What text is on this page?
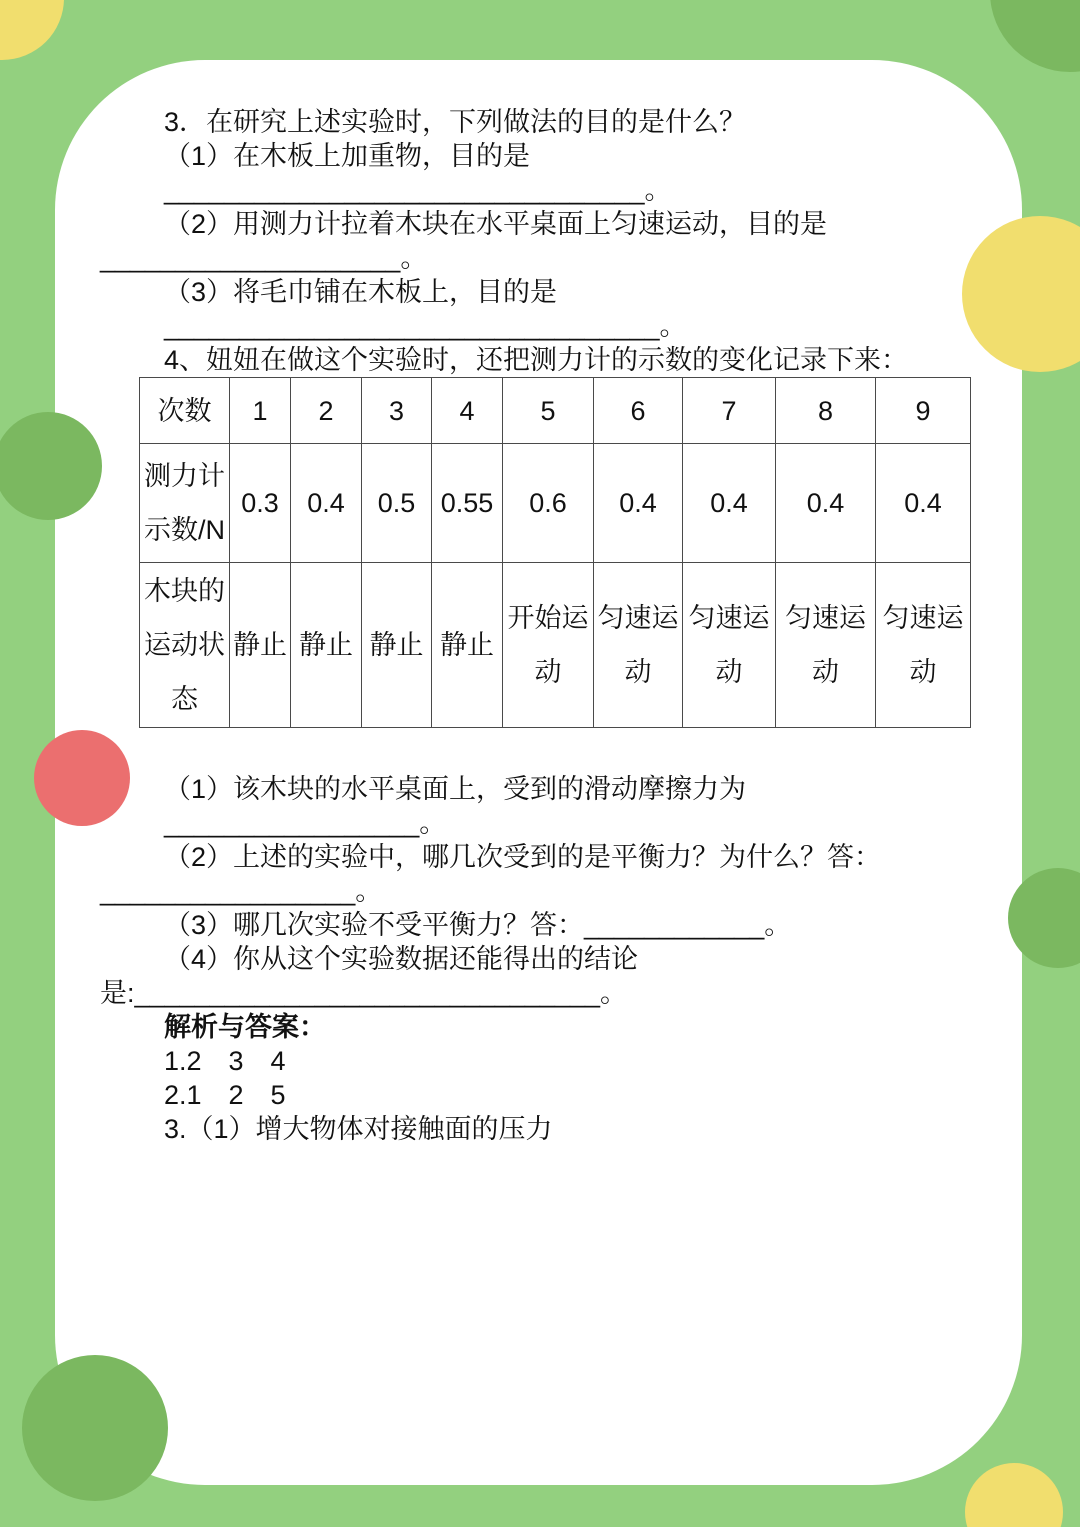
3．在研究上述实验时，下列做法的目的是什么？

（1）在木板上加重物，目的是________________________________。

（2）用测力计拉着木块在水平桌面上匀速运动，目的是

____________________。

（3）将毛巾铺在木板上，目的是_________________________________。

4、妞妞在做这个实验时，还把测力计的示数的变化记录下来：

次数	1	2	3	4	5	6	7	8	9
测力计示数/N	0.3	0.4	0.5	0.55	0.6	0.4	0.4	0.4	0.4
木块的运动状态	静止	静止	静止	静止	开始运动	匀速运动	匀速运动	匀速运动	匀速运动

（1）该木块的水平桌面上，受到的滑动摩擦力为_________________。

（2）上述的实验中，哪几次受到的是平衡力？为什么？答：

_________________。

（3）哪几次实验不受平衡力？答：____________。

（4）你从这个实验数据还能得出的结论

是:_______________________________。

解析与答案：

1.2　3　4

2.1　2　5

3.（1）增大物体对接触面的压力
